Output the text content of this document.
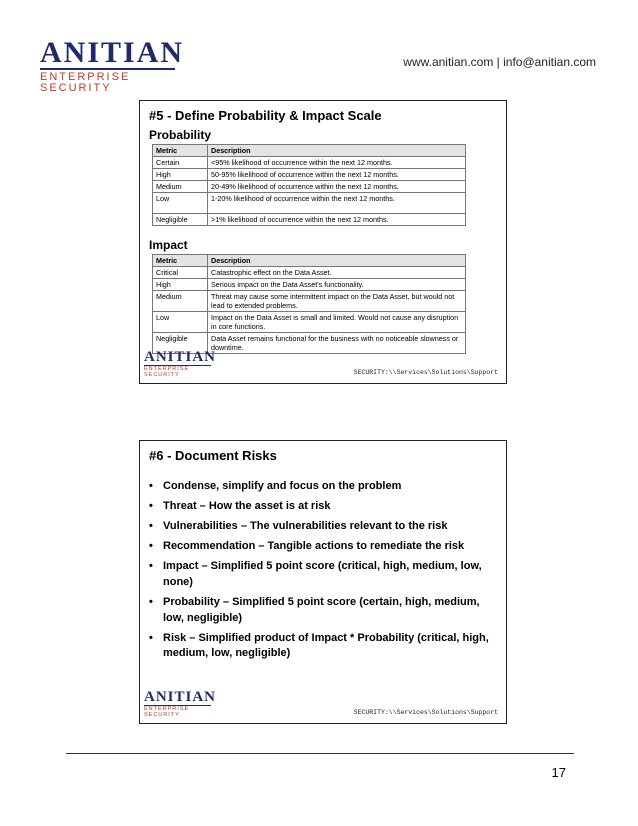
ANITIAN
ENTERPRISE SECURITY
www.anitian.com | info@anitian.com
#5 - Define Probability & Impact Scale
Probability
Metric	Description
Certain	<95% likelihood of occurrence within the next 12 months.
High	50-95% likelihood of occurrence within the next 12 months.
Medium	20-49% likelihood of occurrence within the next 12 months.
Low	1-20% likelihood of occurrence within the next 12 months.
Negligible	>1% likelihood of occurrence within the next 12 months.
Impact
Metric	Description
Critical	Catastrophic effect on the Data Asset.
High	Serious impact on the Data Asset's functionality.
Medium	Threat may cause some intermittent impact on the Data Asset, but would not lead to extended problems.
Low	Impact on the Data Asset is small and limited. Would not cause any disruption in core functions.
Negligible	Data Asset remains functional for the business with no noticeable slowness or downtime.
ANITIAN
ENTERPRISE SECURITY	SECURITY:\\Services\Solutions\Support
#6 - Document Risks
• Condense, simplify and focus on the problem
• Threat – How the asset is at risk
• Vulnerabilities – The vulnerabilities relevant to the risk
• Recommendation – Tangible actions to remediate the risk
• Impact – Simplified 5 point score (critical, high, medium, low, none)
• Probability – Simplified 5 point score (certain, high, medium, low, negligible)
• Risk – Simplified product of Impact * Probability (critical, high, medium, low, negligible)
ANITIAN
ENTERPRISE SECURITY	SECURITY:\\Services\Solutions\Support
17
